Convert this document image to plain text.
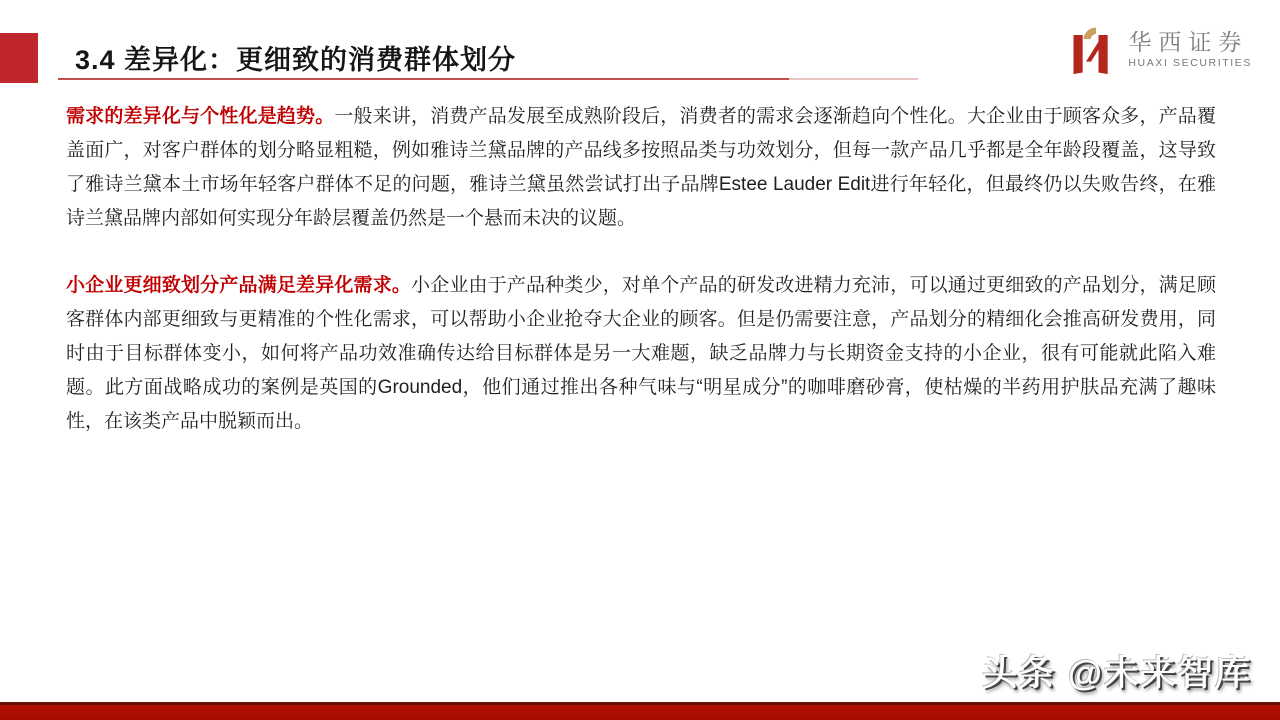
3.4 差异化：更细致的消费群体划分
华西证券
HUAXI SECURITIES

需求的差异化与个性化是趋势。一般来讲，消费产品发展至成熟阶段后，消费者的需求会逐渐趋向个性化。大企业由于顾客众多，产品覆盖面广，对客户群体的划分略显粗糙，例如雅诗兰黛品牌的产品线多按照品类与功效划分，但每一款产品几乎都是全年龄段覆盖，这导致了雅诗兰黛本土市场年轻客户群体不足的问题，雅诗兰黛虽然尝试打出子品牌Estee Lauder Edit进行年轻化，但最终仍以失败告终，在雅诗兰黛品牌内部如何实现分年龄层覆盖仍然是一个悬而未决的议题。

小企业更细致划分产品满足差异化需求。小企业由于产品种类少，对单个产品的研发改进精力充沛，可以通过更细致的产品划分，满足顾客群体内部更细致与更精准的个性化需求，可以帮助小企业抢夺大企业的顾客。但是仍需要注意，产品划分的精细化会推高研发费用，同时由于目标群体变小，如何将产品功效准确传达给目标群体是另一大难题，缺乏品牌力与长期资金支持的小企业，很有可能就此陷入难题。此方面战略成功的案例是英国的Grounded，他们通过推出各种气味与“明星成分”的咖啡磨砂膏，使枯燥的半药用护肤品充满了趣味性，在该类产品中脱颖而出。

头条 @未来智库
